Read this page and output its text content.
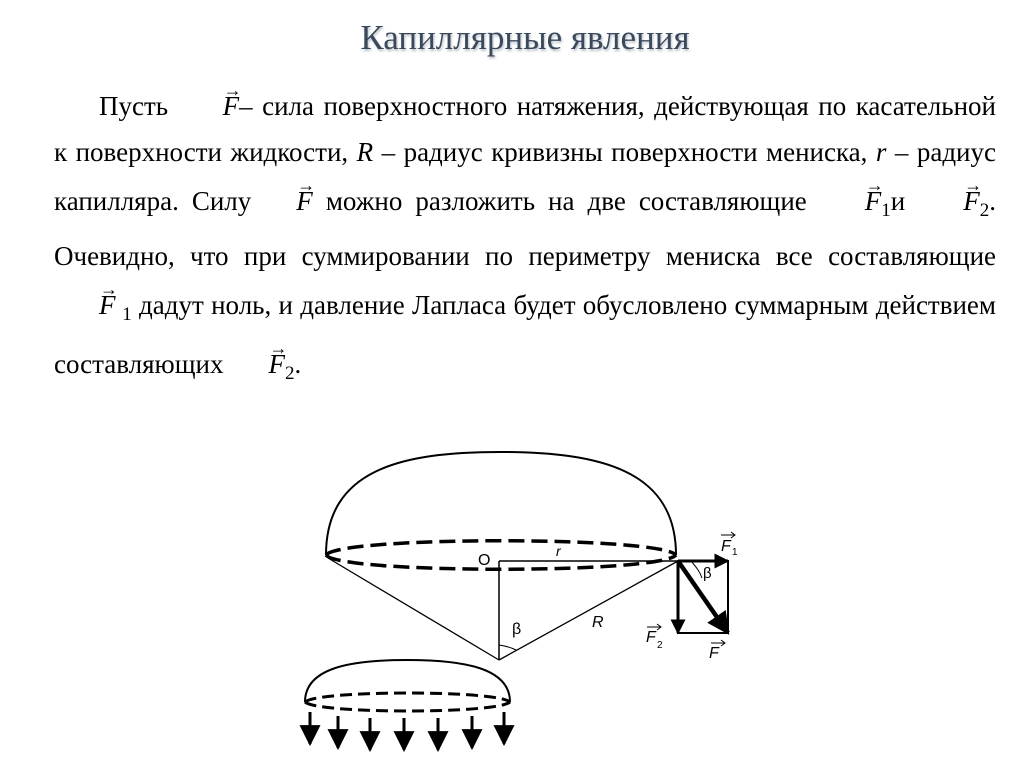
Капиллярные явления
Пусть → F– сила поверхностного натяжения, действующая по касательной к поверхности жидкости, R – радиус кривизны поверхности мениска, r – радиус капилляра. Силу → F можно разложить на две составляющие → $F_1и \to F_2$. Очевидно, что при суммировании по периметру мениска все составляющие→ F $_1$ дадут ноль, и давление Лапласа будет обусловлено суммарным действием составляющих → $F_2$.
O
r
β	R
β
F 1
F 2	F
